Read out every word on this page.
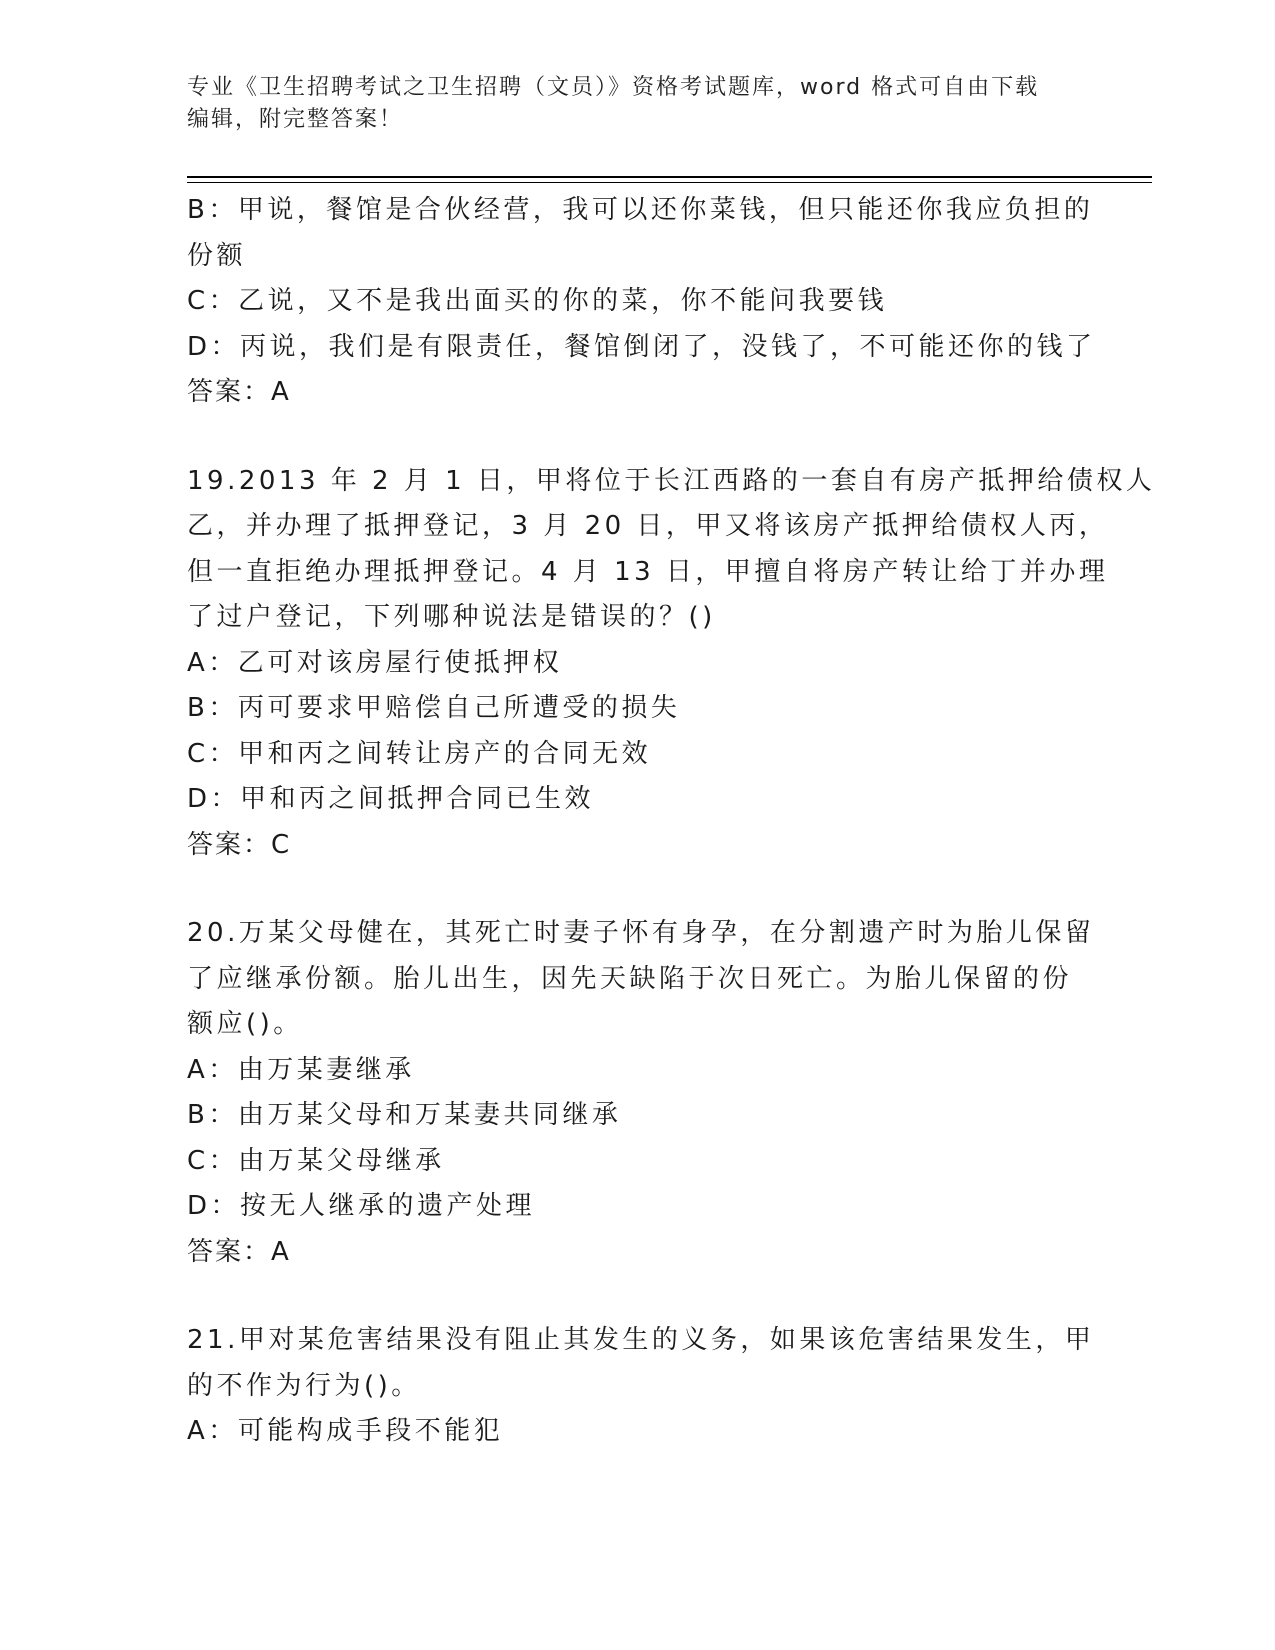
专业《卫生招聘考试之卫生招聘（文员）》资格考试题库，word 格式可自由下载
编辑，附完整答案！
B：甲说，餐馆是合伙经营，我可以还你菜钱，但只能还你我应负担的
份额
C：乙说，又不是我出面买的你的菜，你不能问我要钱
D：丙说，我们是有限责任，餐馆倒闭了，没钱了，不可能还你的钱了
答案：A
19.2013 年 2 月 1 日，甲将位于长江西路的一套自有房产抵押给债权人
乙，并办理了抵押登记，3 月 20 日，甲又将该房产抵押给债权人丙，
但一直拒绝办理抵押登记。4 月 13 日，甲擅自将房产转让给丁并办理
了过户登记，下列哪种说法是错误的？()
A：乙可对该房屋行使抵押权
B：丙可要求甲赔偿自己所遭受的损失
C：甲和丙之间转让房产的合同无效
D：甲和丙之间抵押合同已生效
答案：C
20.万某父母健在，其死亡时妻子怀有身孕，在分割遗产时为胎儿保留
了应继承份额。胎儿出生，因先天缺陷于次日死亡。为胎儿保留的份
额应()。
A：由万某妻继承
B：由万某父母和万某妻共同继承
C：由万某父母继承
D：按无人继承的遗产处理
答案：A
21.甲对某危害结果没有阻止其发生的义务，如果该危害结果发生，甲
的不作为行为()。
A：可能构成手段不能犯
